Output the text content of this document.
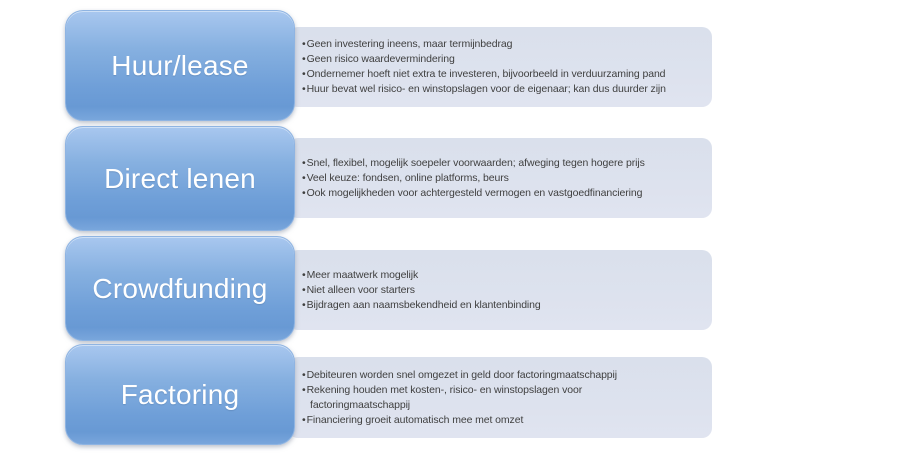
Huur/lease
• Geen investering ineens, maar termijnbedrag
• Geen risico waardevermindering
• Ondernemer hoeft niet extra te investeren, bijvoorbeeld in verduurzaming pand
• Huur bevat wel risico- en winstopslagen voor de eigenaar; kan dus duurder zijn
Direct lenen	• Snel, flexibel, mogelijk soepeler voorwaarden; afweging tegen hogere prijs
• Veel keuze: fondsen, online platforms, beurs
• Ook mogelijkheden voor achtergesteld vermogen en vastgoedfinanciering
Crowdfunding	• Meer maatwerk mogelijk
• Niet alleen voor starters
• Bijdragen aan naamsbekendheid en klantenbinding
Factoring
• Debiteuren worden snel omgezet in geld door factoringmaatschappij
• Rekening houden met kosten-, risico- en winstopslagen voor
factoringmaatschappij
• Financiering groeit automatisch mee met omzet
